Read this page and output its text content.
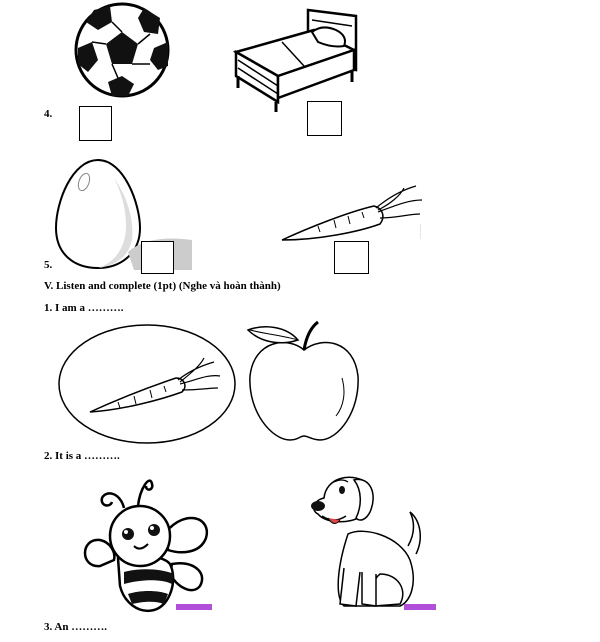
4.
………
5.
V. Listen and complete (1pt) (Nghe và hoàn thành)
1. I am a ……….
2. It is a ……….
3. An ……….
